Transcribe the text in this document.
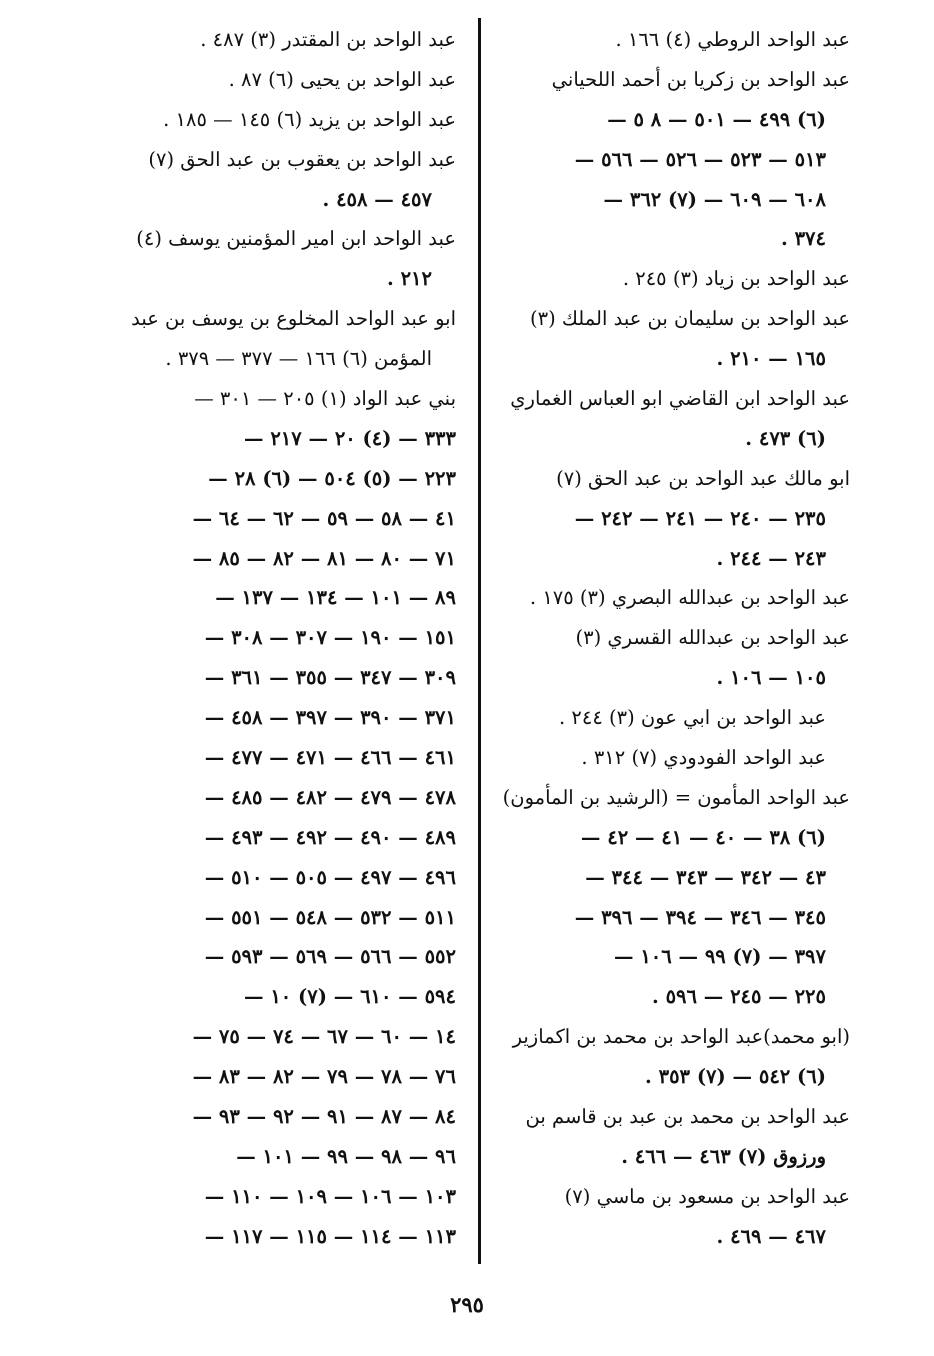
عبد الواحد الروطي (٤) ١٦٦ .
عبد الواحد بن زكريا بن أحمد اللحياني
(٦) ٤٩٩ — ٥٠١ — ٨ ٥ —
٥١٣ — ٥٢٣ — ٥٢٦ — ٥٦٦ —
٦٠٨ — ٦٠٩ — (٧) ٣٦٢ —
٣٧٤ .
عبد الواحد بن زياد (٣) ٢٤٥ .
عبد الواحد بن سليمان بن عبد الملك (٣)
١٦٥ — ٢١٠ .
عبد الواحد ابن القاضي ابو العباس الغماري
(٦) ٤٧٣ .
ابو مالك عبد الواحد بن عبد الحق (٧)
٢٣٥ — ٢٤٠ — ٢٤١ — ٢٤٢ —
٢٤٣ — ٢٤٤ .
عبد الواحد بن عبدالله البصري (٣) ١٧٥ .
عبد الواحد بن عبدالله القسري (٣)
١٠٥ — ١٠٦ .
عبد الواحد بن ابي عون (٣) ٢٤٤ .
عبد الواحد الفودودي (٧) ٣١٢ .
عبد الواحد المأمون = (الرشيد بن المأمون)
(٦) ٣٨ — ٤٠ — ٤١ — ٤٢ —
٤٣ — ٣٤٢ — ٣٤٣ — ٣٤٤ —
٣٤٥ — ٣٤٦ — ٣٩٤ — ٣٩٦ —
٣٩٧ — (٧) ٩٩ — ١٠٦ —
٢٢٥ — ٢٤٥ — ٥٩٦ .
(ابو محمد)عبد الواحد بن محمد بن اكمازير
(٦) ٥٤٢ — (٧) ٣٥٣ .
عبد الواحد بن محمد بن عبد بن قاسم بن
ورزوق (٧) ٤٦٣ — ٤٦٦ .
عبد الواحد بن مسعود بن ماسي (٧)
٤٦٧ — ٤٦٩ .
عبد الواحد بن المقتدر (٣) ٤٨٧ .
عبد الواحد بن يحيى (٦) ٨٧ .
عبد الواحد بن يزيد (٦) ١٤٥ — ١٨٥ .
عبد الواحد بن يعقوب بن عبد الحق (٧)
٤٥٧ — ٤٥٨ .
عبد الواحد ابن امير المؤمنين يوسف (٤)
٢١٢ .
ابو عبد الواحد المخلوع بن يوسف بن عبد
المؤمن (٦) ١٦٦ — ٣٧٧ — ٣٧٩ .
بني عبد الواد (١) ٢٠٥ — ٣٠١ —
٣٣٣ — (٤) ٢٠ — ٢١٧ —
٢٢٣ — (٥) ٥٠٤ — (٦) ٢٨ —
٤١ — ٥٨ — ٥٩ — ٦٢ — ٦٤ —
٧١ — ٨٠ — ٨١ — ٨٢ — ٨٥ —
٨٩ — ١٠١ — ١٣٤ — ١٣٧ —
١٥١ — ١٩٠ — ٣٠٧ — ٣٠٨ —
٣٠٩ — ٣٤٧ — ٣٥٥ — ٣٦١ —
٣٧١ — ٣٩٠ — ٣٩٧ — ٤٥٨ —
٤٦١ — ٤٦٦ — ٤٧١ — ٤٧٧ —
٤٧٨ — ٤٧٩ — ٤٨٢ — ٤٨٥ —
٤٨٩ — ٤٩٠ — ٤٩٢ — ٤٩٣ —
٤٩٦ — ٤٩٧ — ٥٠٥ — ٥١٠ —
٥١١ — ٥٣٢ — ٥٤٨ — ٥٥١ —
٥٥٢ — ٥٦٦ — ٥٦٩ — ٥٩٣ —
٥٩٤ — ٦١٠ — (٧) ١٠ —
١٤ — ٦٠ — ٦٧ — ٧٤ — ٧٥ —
٧٦ — ٧٨ — ٧٩ — ٨٢ — ٨٣ —
٨٤ — ٨٧ — ٩١ — ٩٢ — ٩٣ —
٩٦ — ٩٨ — ٩٩ — ١٠١ —
١٠٣ — ١٠٦ — ١٠٩ — ١١٠ —
١١٣ — ١١٤ — ١١٥ — ١١٧ —
٢٩٥
